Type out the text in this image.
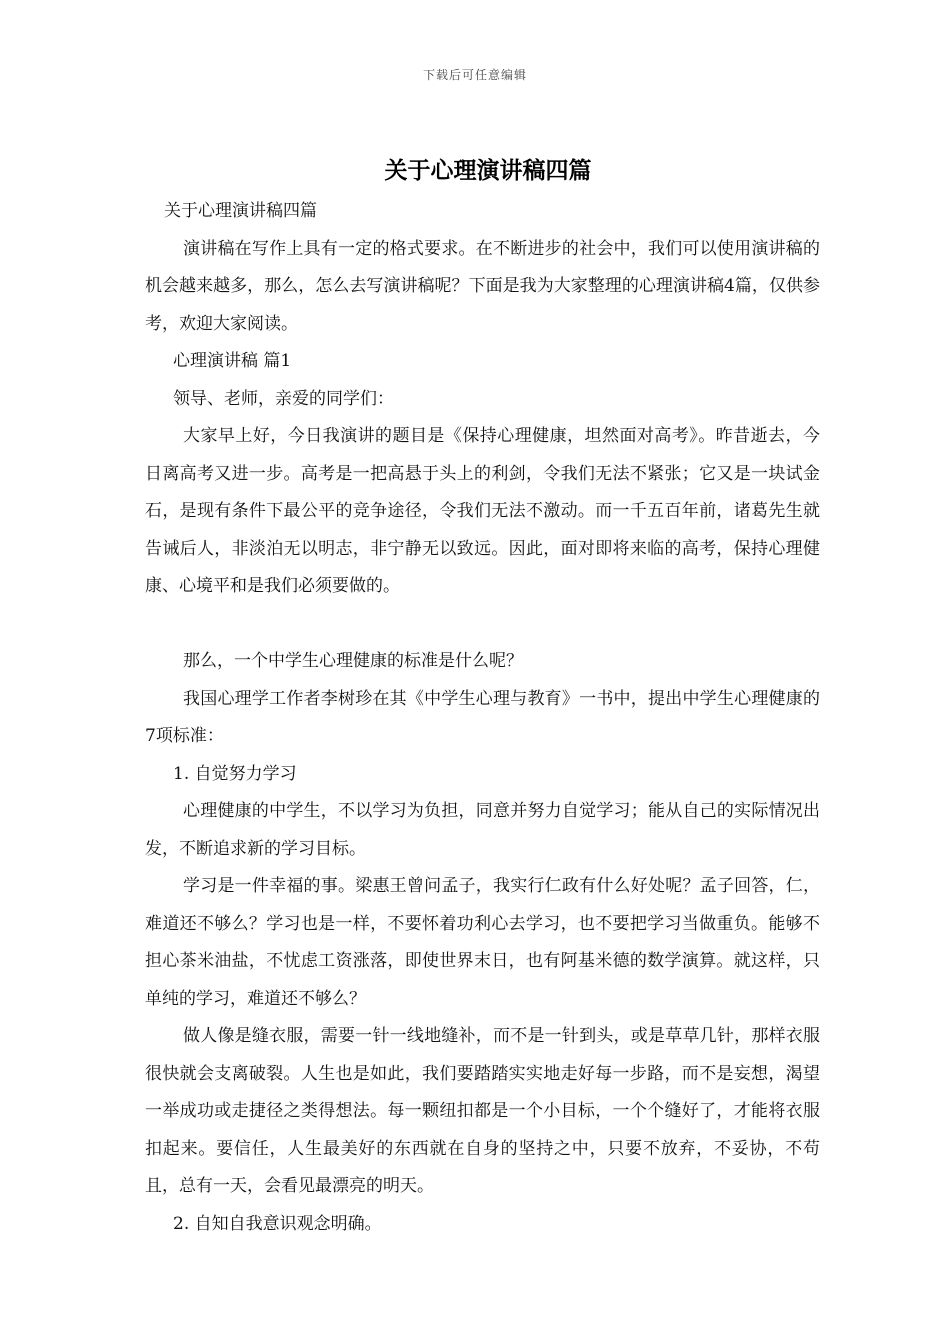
下载后可任意编辑
关于心理演讲稿四篇

关于心理演讲稿四篇

演讲稿在写作上具有一定的格式要求。在不断进步的社会中，我们可以使用演讲稿的机会越来越多，那么，怎么去写演讲稿呢？下面是我为大家整理的心理演讲稿4篇，仅供参考，欢迎大家阅读。

心理演讲稿 篇1

领导、老师，亲爱的同学们：

大家早上好，今日我演讲的题目是《保持心理健康，坦然面对高考》。昨昔逝去，今日离高考又进一步。高考是一把高悬于头上的利剑，令我们无法不紧张；它又是一块试金石，是现有条件下最公平的竞争途径，令我们无法不激动。而一千五百年前，诸葛先生就告诫后人，非淡泊无以明志，非宁静无以致远。因此，面对即将来临的高考，保持心理健康、心境平和是我们必须要做的。

那么，一个中学生心理健康的标准是什么呢？

我国心理学工作者李树珍在其《中学生心理与教育》一书中，提出中学生心理健康的7项标准：

1. 自觉努力学习

心理健康的中学生，不以学习为负担，同意并努力自觉学习；能从自己的实际情况出发，不断追求新的学习目标。

学习是一件幸福的事。梁惠王曾问孟子，我实行仁政有什么好处呢？孟子回答，仁，难道还不够么？学习也是一样，不要怀着功利心去学习，也不要把学习当做重负。能够不担心茶米油盐，不忧虑工资涨落，即使世界末日，也有阿基米德的数学演算。就这样，只单纯的学习，难道还不够么？

做人像是缝衣服，需要一针一线地缝补，而不是一针到头，或是草草几针，那样衣服很快就会支离破裂。人生也是如此，我们要踏踏实实地走好每一步路，而不是妄想，渴望一举成功或走捷径之类得想法。每一颗纽扣都是一个小目标，一个个缝好了，才能将衣服扣起来。要信任，人生最美好的东西就在自身的坚持之中，只要不放弃，不妥协，不苟且，总有一天，会看见最漂亮的明天。

2. 自知自我意识观念明确。
